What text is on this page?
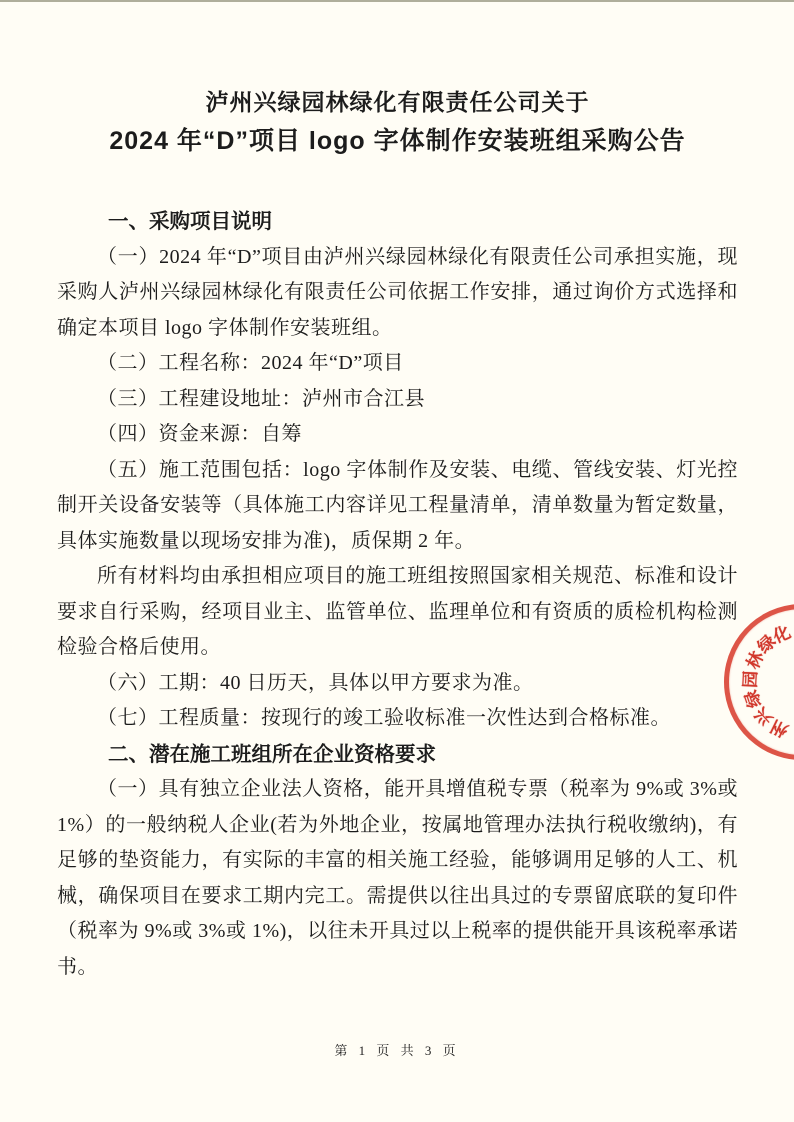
泸州兴绿园林绿化有限责任公司关于
2024 年“D”项目 logo 字体制作安装班组采购公告
一、采购项目说明

（一）2024 年“D”项目由泸州兴绿园林绿化有限责任公司承担实施，现采购人泸州兴绿园林绿化有限责任公司依据工作安排，通过询价方式选择和确定本项目 logo 字体制作安装班组。

（二）工程名称：2024 年“D”项目

（三）工程建设地址：泸州市合江县

（四）资金来源：自筹

（五）施工范围包括：logo 字体制作及安装、电缆、管线安装、灯光控制开关设备安装等（具体施工内容详见工程量清单，清单数量为暂定数量，具体实施数量以现场安排为准)，质保期 2 年。

所有材料均由承担相应项目的施工班组按照国家相关规范、标准和设计要求自行采购，经项目业主、监管单位、监理单位和有资质的质检机构检测检验合格后使用。

（六）工期：40 日历天，具体以甲方要求为准。

（七）工程质量：按现行的竣工验收标准一次性达到合格标准。

二、潜在施工班组所在企业资格要求

（一）具有独立企业法人资格，能开具增值税专票（税率为 9%或 3%或 1%）的一般纳税人企业(若为外地企业，按属地管理办法执行税收缴纳)，有足够的垫资能力，有实际的丰富的相关施工经验，能够调用足够的人工、机械，确保项目在要求工期内完工。需提供以往出具过的专票留底联的复印件（税率为 9%或 3%或 1%)，以往未开具过以上税率的提供能开具该税率承诺书。

化
绿
林
园
绿
兴
州
第 1 页 共 3 页
